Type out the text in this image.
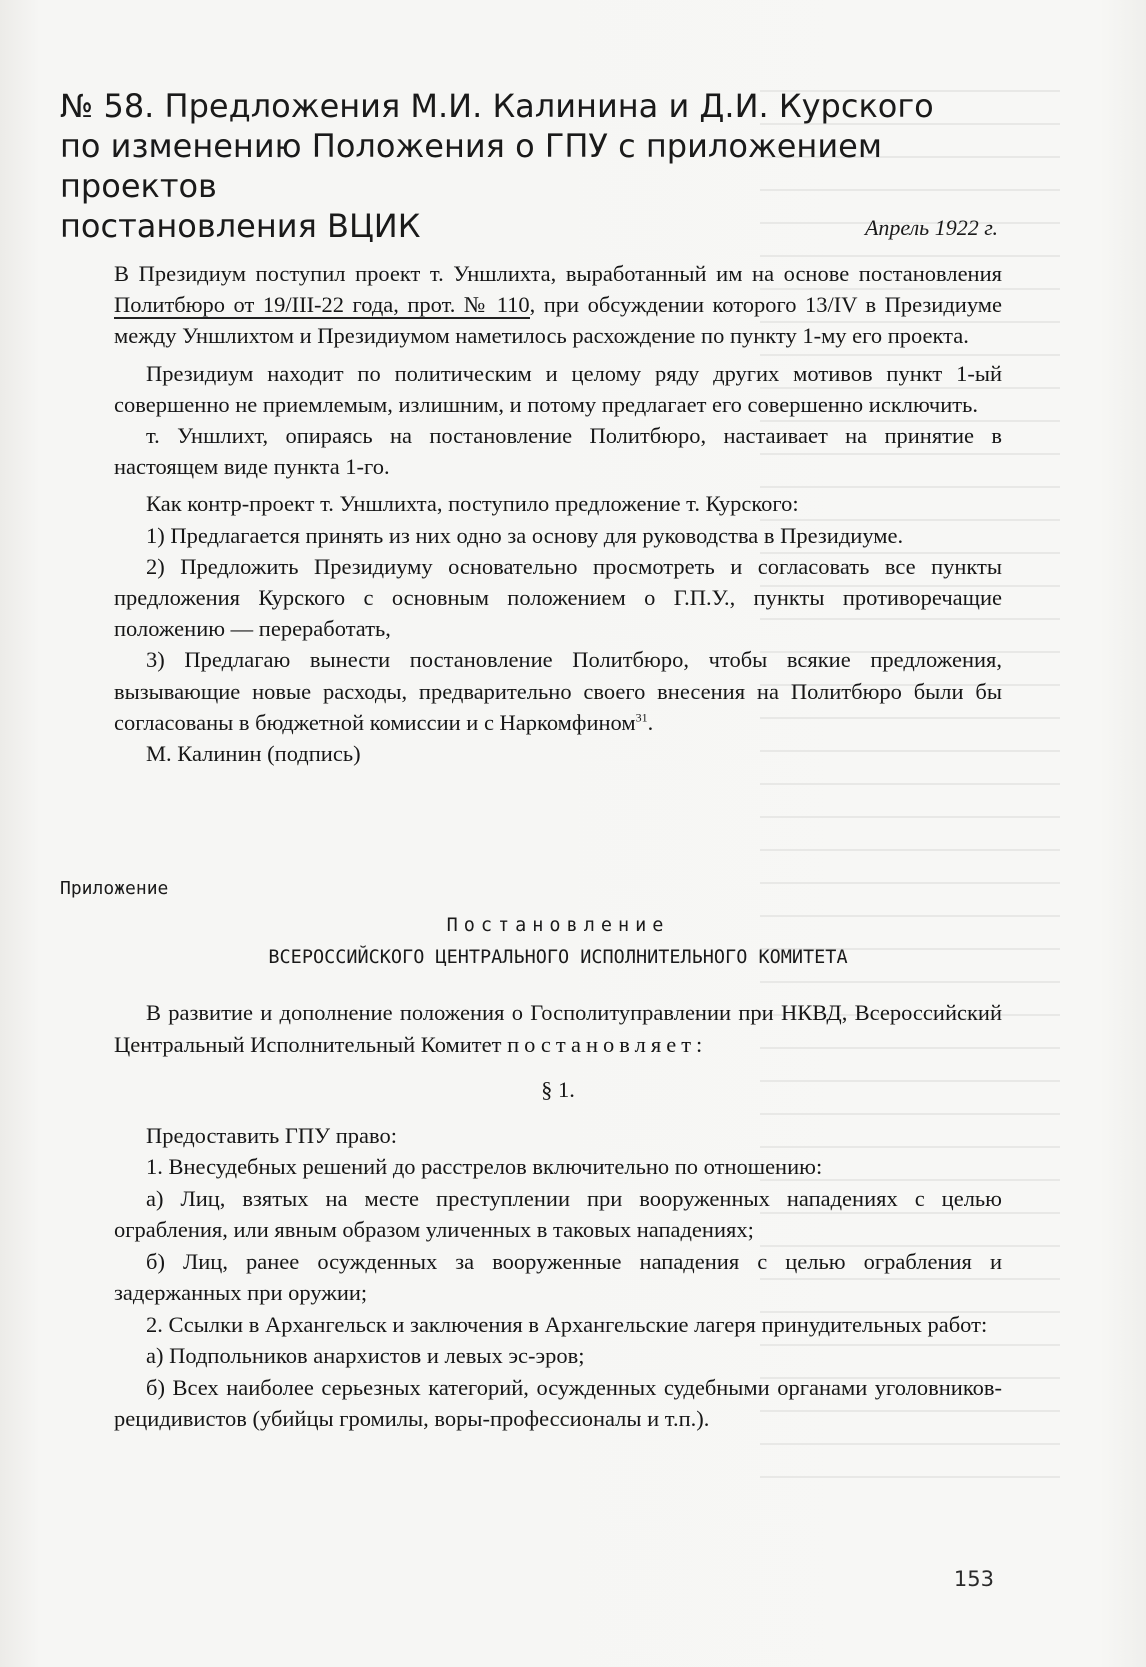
№ 58. Предложения М.И. Калинина и Д.И. Курского
по изменению Положения о ГПУ с приложением проектов
постановления ВЦИК	Апрель 1922 г.

В Президиум поступил проект т. Уншлихта, выработанный им на основе постановления Политбюро от 19/III-22 года, прот. № 110, при обсуждении которого 13/IV в Президиуме между Уншлихтом и Президиумом наметилось расхождение по пункту 1-му его проекта.

Президиум находит по политическим и целому ряду других мотивов пункт 1-ый совершенно не приемлемым, излишним, и потому предлагает его совершенно исключить.

т. Уншлихт, опираясь на постановление Политбюро, настаивает на принятие в настоящем виде пункта 1-го.

Как контр-проект т. Уншлихта, поступило предложение т. Курского:

1) Предлагается принять из них одно за основу для руководства в Президиуме.

2) Предложить Президиуму основательно просмотреть и согласовать все пункты предложения Курского с основным положением о Г.П.У., пункты противоречащие положению — переработать,

3) Предлагаю вынести постановление Политбюро, чтобы всякие предложения, вызывающие новые расходы, предварительно своего внесения на Политбюро были бы согласованы в бюджетной комиссии и с Наркомфином$^{31}$.

М. Калинин (подпись)

Приложение
Постановление
ВСЕРОССИЙСКОГО ЦЕНТРАЛЬНОГО ИСПОЛНИТЕЛЬНОГО КОМИТЕТА

В развитие и дополнение положения о Госполитуправлении при НКВД, Всероссийский Центральный Исполнительный Комитет постановляет:

§ 1.

Предоставить ГПУ право:

1. Внесудебных решений до расстрелов включительно по отношению:

а) Лиц, взятых на месте преступлении при вооруженных нападениях с целью ограбления, или явным образом уличенных в таковых нападениях;

б) Лиц, ранее осужденных за вооруженные нападения с целью ограбления и задержанных при оружии;

2. Ссылки в Архангельск и заключения в Архангельские лагеря принудительных работ:

а) Подпольников анархистов и левых эс-эров;

б) Всех наиболее серьезных категорий, осужденных судебными органами уголовников-рецидивистов (убийцы громилы, воры-профессионалы и т.п.).

153
